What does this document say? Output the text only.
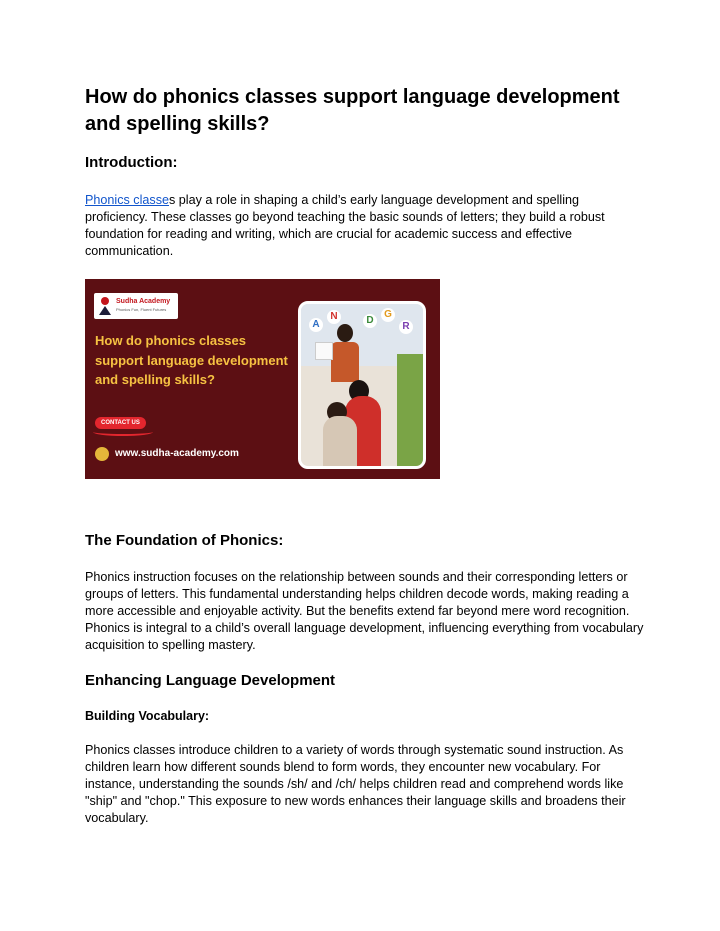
How do phonics classes support language development and spelling skills?
Introduction:

Phonics classes play a role in shaping a child’s early language development and spelling proficiency. These classes go beyond teaching the basic sounds of letters; they build a robust foundation for reading and writing, which are crucial for academic success and effective communication.

Sudha Academy
Phonics Fun, Fluent Futures
How do phonics classes support language development and spelling skills?
CONTACT US
www.sudha-academy.com
A
N	D
G
R
The Foundation of Phonics:

Phonics instruction focuses on the relationship between sounds and their corresponding letters or groups of letters. This fundamental understanding helps children decode words, making reading a more accessible and enjoyable activity. But the benefits extend far beyond mere word recognition. Phonics is integral to a child’s overall language development, influencing everything from vocabulary acquisition to spelling mastery.

Enhancing Language Development
Building Vocabulary:

Phonics classes introduce children to a variety of words through systematic sound instruction. As children learn how different sounds blend to form words, they encounter new vocabulary. For instance, understanding the sounds /sh/ and /ch/ helps children read and comprehend words like "ship" and "chop." This exposure to new words enhances their language skills and broadens their vocabulary.
